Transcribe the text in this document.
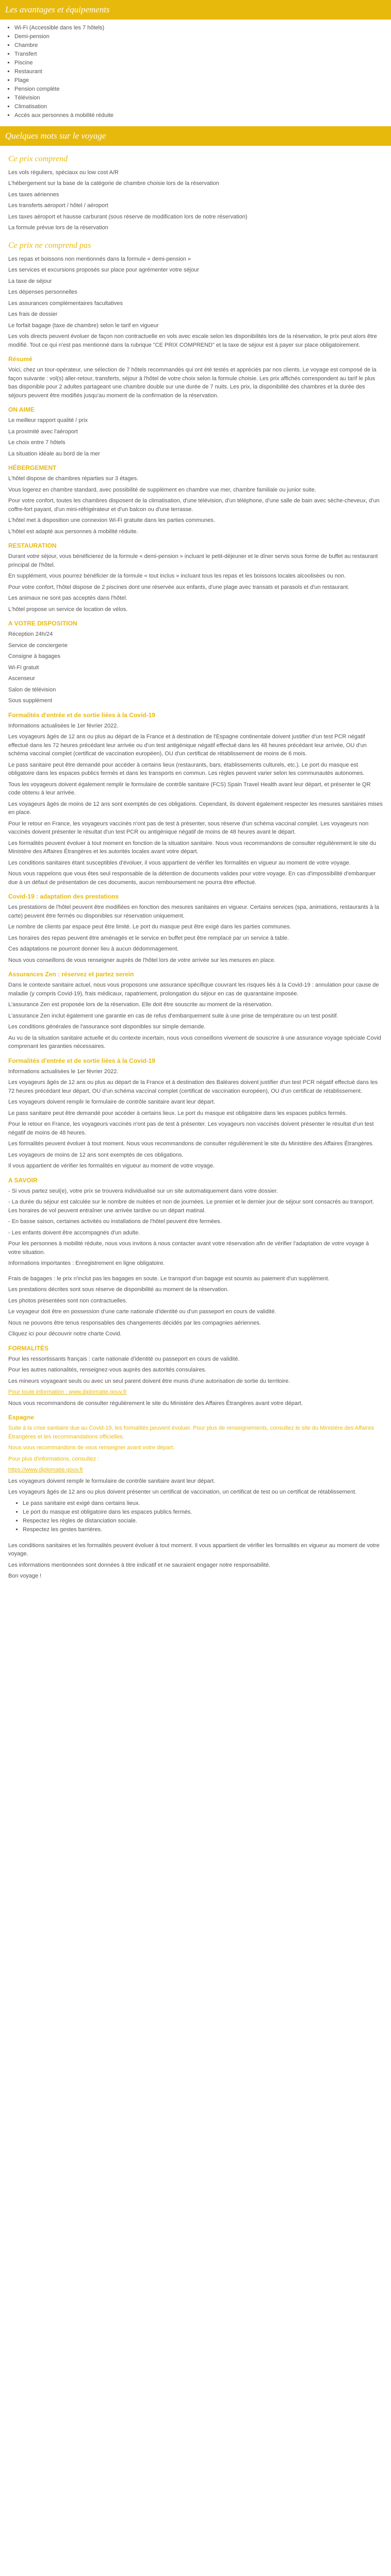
Les avantages et équipements
▪ Wi-Fi (Accessible dans les 7 hôtels)
▪ Demi-pension
▪ Chambre
▪ Transfert
▪ Piscine
▪ Restaurant
▪ Plage
▪ Pension complète
▪ Télévision
▪ Climatisation
▪ Accès aux personnes à mobilité réduite
Quelques mots sur le voyage
Ce prix comprend

Les vols réguliers, spéciaux ou low cost A/R

L'hébergement sur la base de la catégorie de chambre choisie lors de la réservation

Les taxes aériennes

Les transferts aéroport / hôtel / aéroport

Les taxes aéroport et hausse carburant (sous réserve de modification lors de notre réservation)

La formule prévue lors de la réservation

Ce prix ne comprend pas

Les repas et boissons non mentionnés dans la formule « demi-pension »

Les services et excursions proposés sur place pour agrémenter votre séjour

La taxe de séjour

Les dépenses personnelles

Les assurances complémentaires facultatives

Les frais de dossier

Le forfait bagage (taxe de chambre) selon le tarif en vigueur

Les vols directs peuvent évoluer de façon non contractuelle en vols avec escale selon les disponibilités lors de la réservation, le prix peut alors être modifié. Tout ce qui n'est pas mentionné dans la rubrique "CE PRIX COMPREND" et la taxe de séjour est à payer sur place obligatoirement.

Résumé

Voici, chez un tour-opérateur, une sélection de 7 hôtels recommandés qui ont été testés et appréciés par nos clients. Le voyage est composé de la façon suivante : vol(s) aller-retour, transferts, séjour à l'hôtel de votre choix selon la formule choisie. Les prix affichés correspondent au tarif le plus bas disponible pour 2 adultes partageant une chambre double sur une durée de 7 nuits. Les prix, la disponibilité des chambres et la durée des séjours peuvent être modifiés jusqu'au moment de la confirmation de la réservation.

ON AIME

Le meilleur rapport qualité / prix

La proximité avec l'aéroport

Le choix entre 7 hôtels

La situation idéale au bord de la mer

HÉBERGEMENT

L'hôtel dispose de chambres réparties sur 3 étages.

Vous logerez en chambre standard, avec possibilité de supplément en chambre vue mer, chambre familiale ou junior suite.

Pour votre confort, toutes les chambres disposent de la climatisation, d'une télévision, d'un téléphone, d'une salle de bain avec sèche-cheveux, d'un coffre-fort payant, d'un mini-réfrigérateur et d'un balcon ou d'une terrasse.

L'hôtel met à disposition une connexion Wi-Fi gratuite dans les parties communes.

L'hôtel est adapté aux personnes à mobilité réduite.

RESTAURATION

Durant votre séjour, vous bénéficierez de la formule « demi-pension » incluant le petit-déjeuner et le dîner servis sous forme de buffet au restaurant principal de l'hôtel.

En supplément, vous pourrez bénéficier de la formule « tout inclus » incluant tous les repas et les boissons locales alcoolisées ou non.

Pour votre confort, l'hôtel dispose de 2 piscines dont une réservée aux enfants, d'une plage avec transats et parasols et d'un restaurant.

Les animaux ne sont pas acceptés dans l'hôtel.

L'hôtel propose un service de location de vélos.

A VOTRE DISPOSITION

Réception 24h/24

Service de conciergerie

Consigne à bagages

Wi-Fi gratuit

Ascenseur

Salon de télévision

Sous supplément

Formalités d'entrée et de sortie liées à la Covid-19

Informations actualisées le 1er février 2022.

Les voyageurs âgés de 12 ans ou plus au départ de la France et à destination de l'Espagne continentale doivent justifier d'un test PCR négatif effectué dans les 72 heures précédant leur arrivée ou d'un test antigénique négatif effectué dans les 48 heures précédant leur arrivée, OU d'un schéma vaccinal complet (certificat de vaccination européen), OU d'un certificat de rétablissement de moins de 6 mois.

Le pass sanitaire peut être demandé pour accéder à certains lieux (restaurants, bars, établissements culturels, etc.). Le port du masque est obligatoire dans les espaces publics fermés et dans les transports en commun. Les règles peuvent varier selon les communautés autonomes.

Tous les voyageurs doivent également remplir le formulaire de contrôle sanitaire (FCS) Spain Travel Health avant leur départ, et présenter le QR code obtenu à leur arrivée.

Les voyageurs âgés de moins de 12 ans sont exemptés de ces obligations. Cependant, ils doivent également respecter les mesures sanitaires mises en place.

Pour le retour en France, les voyageurs vaccinés n'ont pas de test à présenter, sous réserve d'un schéma vaccinal complet. Les voyageurs non vaccinés doivent présenter le résultat d'un test PCR ou antigénique négatif de moins de 48 heures avant le départ.

Les formalités peuvent évoluer à tout moment en fonction de la situation sanitaire. Nous vous recommandons de consulter régulièrement le site du Ministère des Affaires Étrangères et les autorités locales avant votre départ.

Les conditions sanitaires étant susceptibles d'évoluer, il vous appartient de vérifier les formalités en vigueur au moment de votre voyage.

Nous vous rappelons que vous êtes seul responsable de la détention de documents valides pour votre voyage. En cas d'impossibilité d'embarquer due à un défaut de présentation de ces documents, aucun remboursement ne pourra être effectué.

Covid-19 : adaptation des prestations

Les prestations de l'hôtel peuvent être modifiées en fonction des mesures sanitaires en vigueur. Certains services (spa, animations, restaurants à la carte) peuvent être fermés ou disponibles sur réservation uniquement.

Le nombre de clients par espace peut être limité. Le port du masque peut être exigé dans les parties communes.

Les horaires des repas peuvent être aménagés et le service en buffet peut être remplacé par un service à table.

Ces adaptations ne pourront donner lieu à aucun dédommagement.

Nous vous conseillons de vous renseigner auprès de l'hôtel lors de votre arrivée sur les mesures en place.

Assurances Zen : réservez et partez serein

Dans le contexte sanitaire actuel, nous vous proposons une assurance spécifique couvrant les risques liés à la Covid-19 : annulation pour cause de maladie (y compris Covid-19), frais médicaux, rapatriement, prolongation du séjour en cas de quarantaine imposée.

L'assurance Zen est proposée lors de la réservation. Elle doit être souscrite au moment de la réservation.

L'assurance Zen inclut également une garantie en cas de refus d'embarquement suite à une prise de température ou un test positif.

Les conditions générales de l'assurance sont disponibles sur simple demande.

Au vu de la situation sanitaire actuelle et du contexte incertain, nous vous conseillons vivement de souscrire à une assurance voyage spéciale Covid comprenant les garanties nécessaires.

Formalités d'entrée et de sortie liées à la Covid-19

Informations actualisées le 1er février 2022.

Les voyageurs âgés de 12 ans ou plus au départ de la France et à destination des Baléares doivent justifier d'un test PCR négatif effectué dans les 72 heures précédant leur départ, OU d'un schéma vaccinal complet (certificat de vaccination européen), OU d'un certificat de rétablissement.

Les voyageurs doivent remplir le formulaire de contrôle sanitaire avant leur départ.

Le pass sanitaire peut être demandé pour accéder à certains lieux. Le port du masque est obligatoire dans les espaces publics fermés.

Pour le retour en France, les voyageurs vaccinés n'ont pas de test à présenter. Les voyageurs non vaccinés doivent présenter le résultat d'un test négatif de moins de 48 heures.

Les formalités peuvent évoluer à tout moment. Nous vous recommandons de consulter régulièrement le site du Ministère des Affaires Étrangères.

Les voyageurs de moins de 12 ans sont exemptés de ces obligations.

Il vous appartient de vérifier les formalités en vigueur au moment de votre voyage.

A SAVOIR

- Si vous partez seul(e), votre prix se trouvera individualisé sur un site automatiquement dans votre dossier.

- La durée du séjour est calculée sur le nombre de nuitées et non de journées. Le premier et le dernier jour de séjour sont consacrés au transport. Les horaires de vol peuvent entraîner une arrivée tardive ou un départ matinal.

- En basse saison, certaines activités ou installations de l'hôtel peuvent être fermées.

- Les enfants doivent être accompagnés d'un adulte.

Pour les personnes à mobilité réduite, nous vous invitons à nous contacter avant votre réservation afin de vérifier l'adaptation de votre voyage à votre situation.

Informations importantes : Enregistrement en ligne obligatoire.

Frais de bagages : le prix n'inclut pas les bagages en soute. Le transport d'un bagage est soumis au paiement d'un supplément.

Les prestations décrites sont sous réserve de disponibilité au moment de la réservation.

Les photos présentées sont non contractuelles.

Le voyageur doit être en possession d'une carte nationale d'identité ou d'un passeport en cours de validité.

Nous ne pouvons être tenus responsables des changements décidés par les compagnies aériennes.

Cliquez ici pour découvrir notre charte Covid.

FORMALITÉS

Pour les ressortissants français : carte nationale d'identité ou passeport en cours de validité.

Pour les autres nationalités, renseignez-vous auprès des autorités consulaires.

Les mineurs voyageant seuls ou avec un seul parent doivent être munis d'une autorisation de sortie du territoire.

Pour toute information : www.diplomatie.gouv.fr

Nous vous recommandons de consulter régulièrement le site du Ministère des Affaires Étrangères avant votre départ.

Espagne

Suite à la crise sanitaire due au Covid-19, les formalités peuvent évoluer. Pour plus de renseignements, consultez le site du Ministère des Affaires Étrangères et les recommandations officielles.

Nous vous recommandons de vous renseigner avant votre départ.

Pour plus d'informations, consultez :

https://www.diplomatie.gouv.fr

Les voyageurs doivent remplir le formulaire de contrôle sanitaire avant leur départ.

Les voyageurs âgés de 12 ans ou plus doivent présenter un certificat de vaccination, un certificat de test ou un certificat de rétablissement.

▪ Le pass sanitaire est exigé dans certains lieux.
▪ Le port du masque est obligatoire dans les espaces publics fermés.
▪ Respectez les règles de distanciation sociale.
▪ Respectez les gestes barrières.

Les conditions sanitaires et les formalités peuvent évoluer à tout moment. Il vous appartient de vérifier les formalités en vigueur au moment de votre voyage.

Les informations mentionnées sont données à titre indicatif et ne sauraient engager notre responsabilité.

Bon voyage !
